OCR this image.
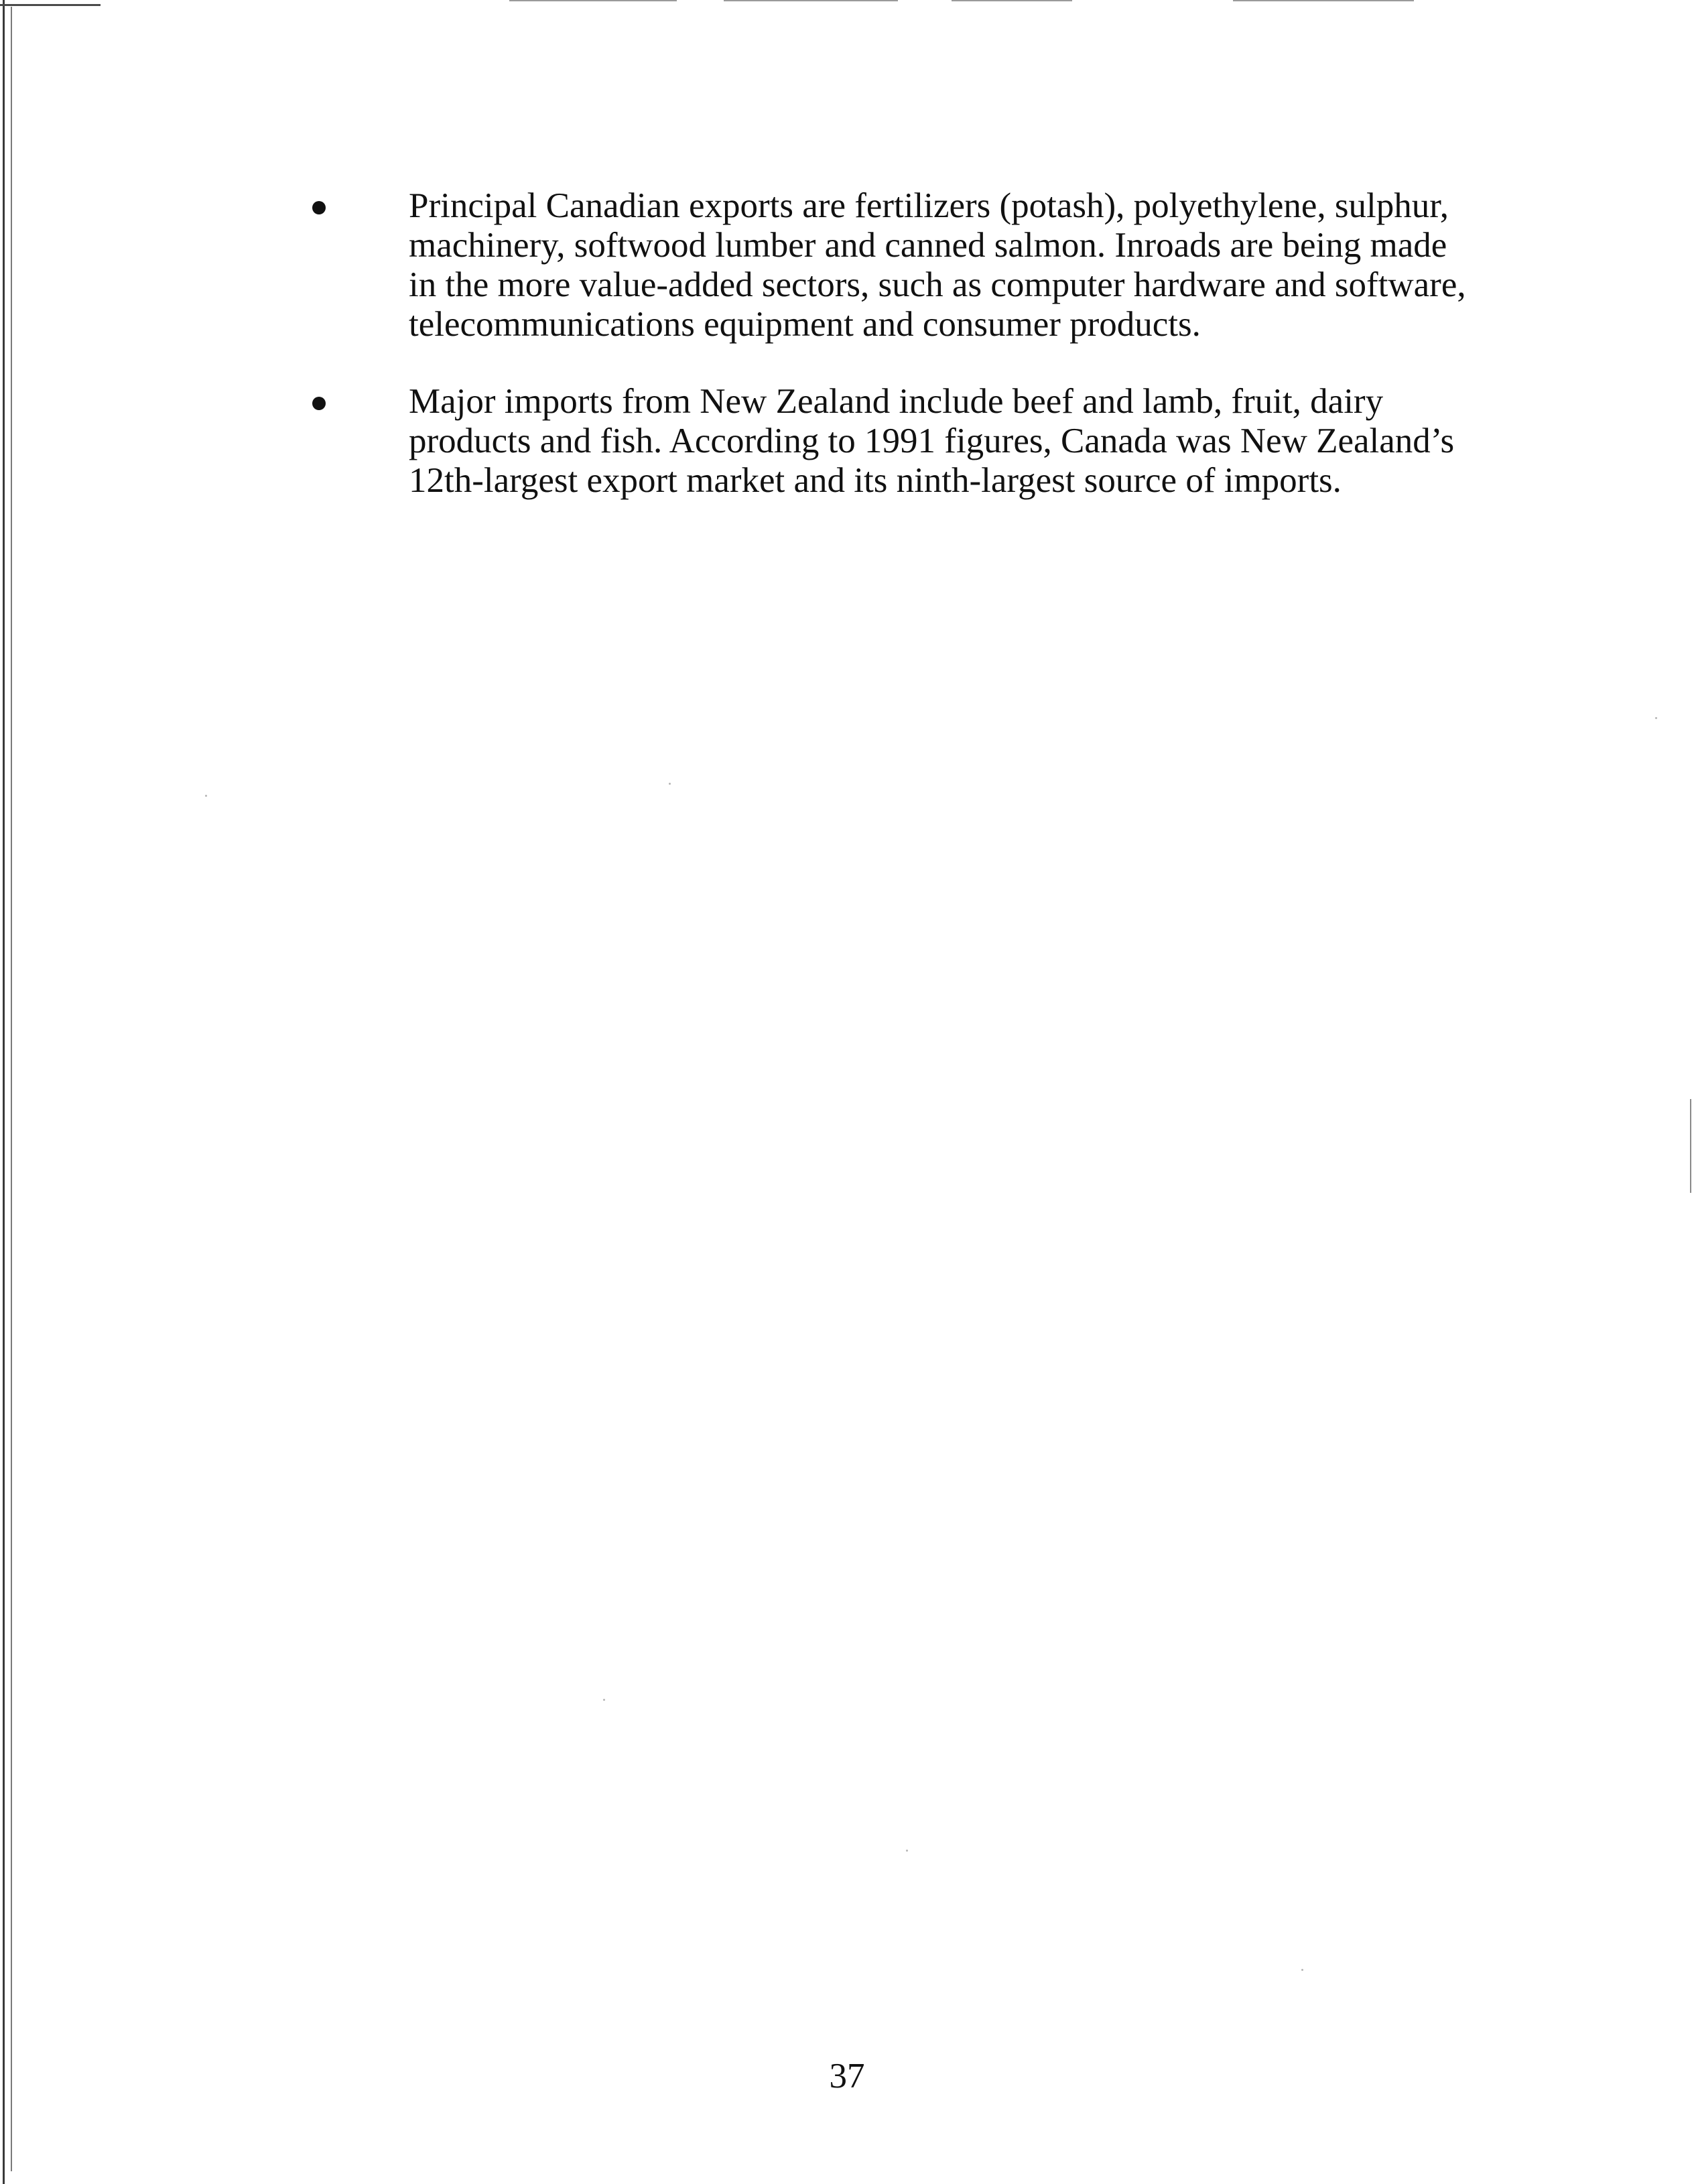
Principal Canadian exports are fertilizers (potash), polyethylene, sulphur, machinery, softwood lumber and canned salmon. Inroads are being made in the more value-added sectors, such as computer hardware and software, telecommunications equipment and consumer products.
Major imports from New Zealand include beef and lamb, fruit, dairy products and fish. According to 1991 figures, Canada was New Zealand’s 12th-largest export market and its ninth-largest source of imports.
37
